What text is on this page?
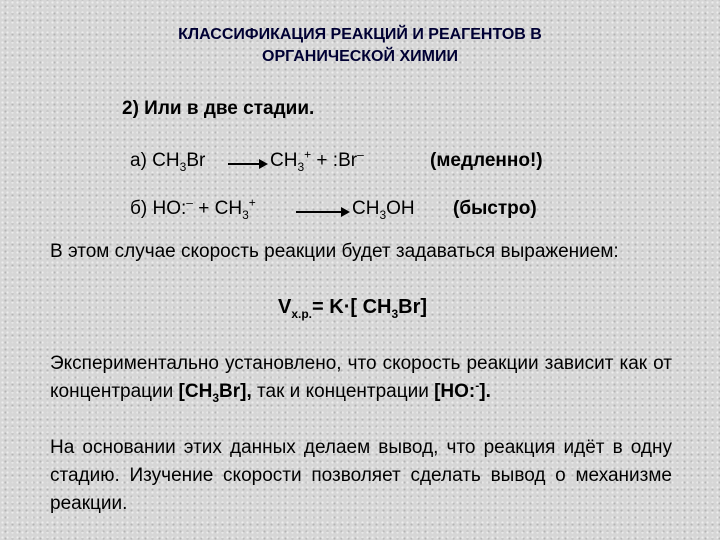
КЛАССИФИКАЦИЯ РЕАКЦИЙ И РЕАГЕНТОВ В
ОРГАНИЧЕСКОЙ ХИМИИ
2) Или в две стадии.
а) $CH_3Br$	$CH_3^+$ + :Br–	(медленно!)
б) HO:– + $CH_3^+$	$CH_3OH$ (быстро)

В этом случае скорость реакции будет задаваться выражением:

$V_{х.р.}= K\cdot$[ $CH_3Br$]

Экспериментально установлено, что скорость реакции зависит как от концентрации $[CH_3Br]$, так и концентрации [HO:-].

На основании этих данных делаем вывод, что реакция идёт в одну стадию. Изучение скорости позволяет сделать вывод о механизме реакции.
